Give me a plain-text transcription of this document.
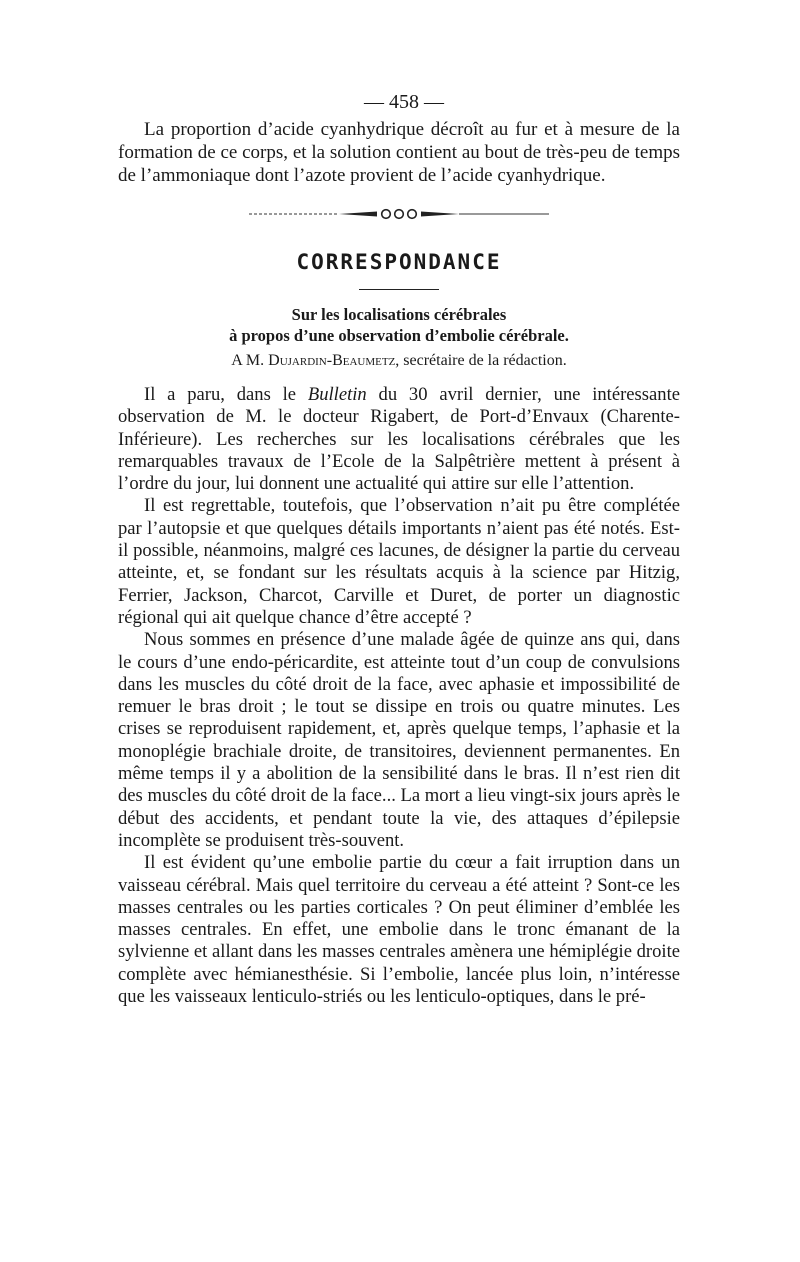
— 458 —

La proportion d’acide cyanhydrique décroît au fur et à mesure de la formation de ce corps, et la solution contient au bout de très-peu de temps de l’ammoniaque dont l’azote provient de l’acide cyanhydrique.

CORRESPONDANCE

Sur les localisations cérébrales

à propos d’une observation d’embolie cérébrale.

A M. Dujardin-Beaumetz, secrétaire de la rédaction.

Il a paru, dans le Bulletin du 30 avril dernier, une intéressante observation de M. le docteur Rigabert, de Port-d’Envaux (Charente-Inférieure). Les recherches sur les localisations cérébrales que les remarquables travaux de l’Ecole de la Salpêtrière mettent à présent à l’ordre du jour, lui donnent une actualité qui attire sur elle l’attention.

Il est regrettable, toutefois, que l’observation n’ait pu être complétée par l’autopsie et que quelques détails importants n’aient pas été notés. Est-il possible, néanmoins, malgré ces lacunes, de désigner la partie du cerveau atteinte, et, se fondant sur les résultats acquis à la science par Hitzig, Ferrier, Jackson, Charcot, Carville et Duret, de porter un diagnostic régional qui ait quelque chance d’être accepté ?

Nous sommes en présence d’une malade âgée de quinze ans qui, dans le cours d’une endo-péricardite, est atteinte tout d’un coup de convulsions dans les muscles du côté droit de la face, avec aphasie et impossibilité de remuer le bras droit ; le tout se dissipe en trois ou quatre minutes. Les crises se reproduisent rapidement, et, après quelque temps, l’aphasie et la monoplégie brachiale droite, de transitoires, deviennent permanentes. En même temps il y a abolition de la sensibilité dans le bras. Il n’est rien dit des muscles du côté droit de la face... La mort a lieu vingt-six jours après le début des accidents, et pendant toute la vie, des attaques d’épilepsie incomplète se produisent très-souvent.

Il est évident qu’une embolie partie du cœur a fait irruption dans un vaisseau cérébral. Mais quel territoire du cerveau a été atteint ? Sont-ce les masses centrales ou les parties corticales ? On peut éliminer d’emblée les masses centrales. En effet, une embolie dans le tronc émanant de la sylvienne et allant dans les masses centrales amènera une hémiplégie droite complète avec hémianesthésie. Si l’embolie, lancée plus loin, n’intéresse que les vaisseaux lenticulo-striés ou les lenticulo-optiques, dans le pré-
